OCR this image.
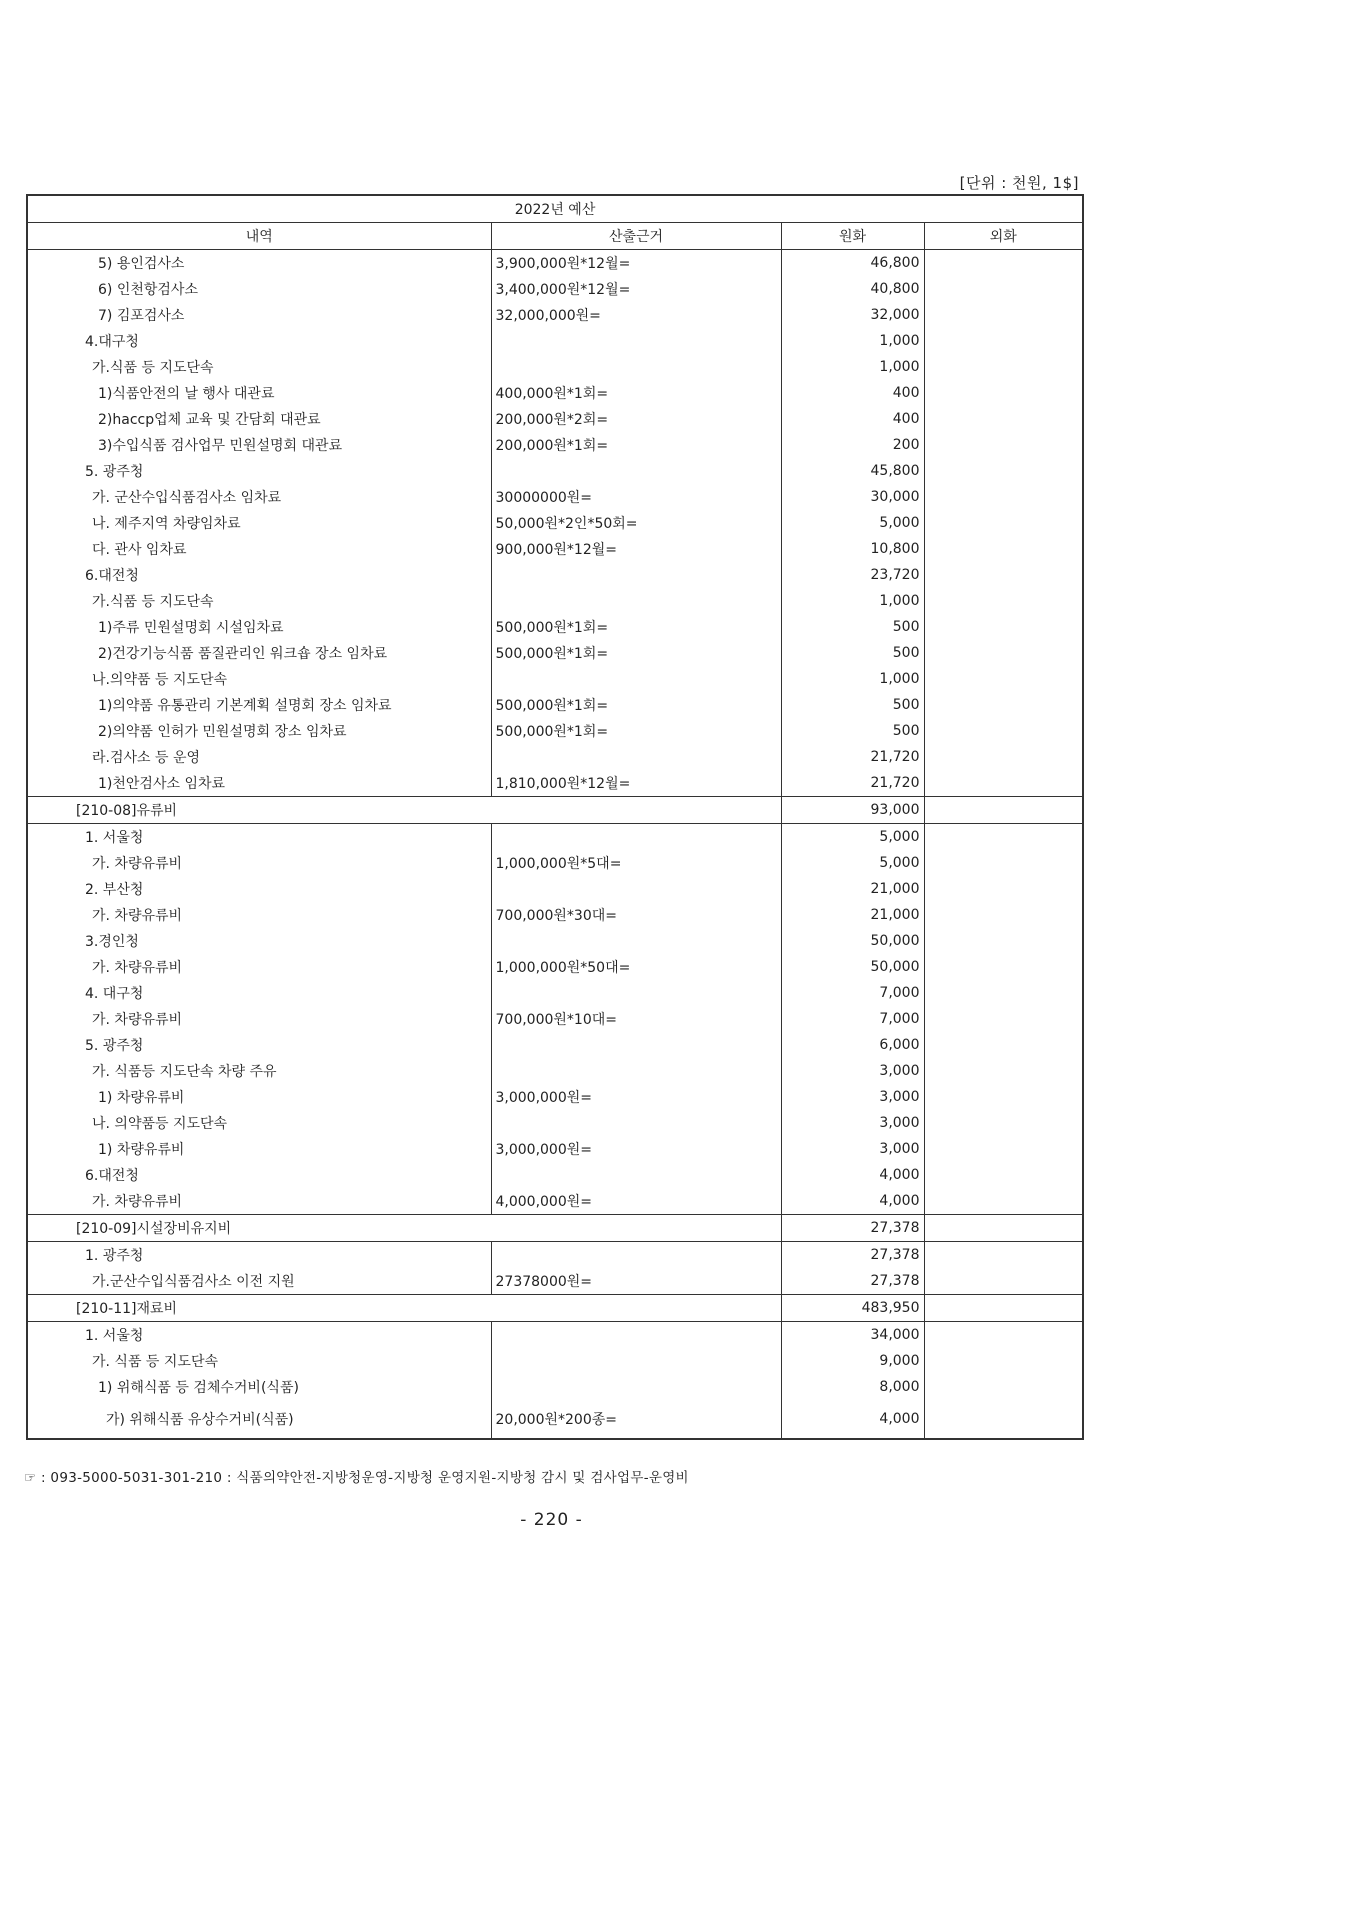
[단위 : 천원, 1$]
2022년 예산			
내역	산출근거	원화	외화
5) 용인검사소	3,900,000원*12월=	46,800	
6) 인천항검사소	3,400,000원*12월=	40,800	
7) 김포검사소	32,000,000원=	32,000	
4.대구청		1,000	
가.식품 등 지도단속		1,000	
1)식품안전의 날 행사 대관료	400,000원*1회=	400	
2)haccp업체 교육 및 간담회 대관료	200,000원*2회=	400	
3)수입식품 검사업무 민원설명회 대관료	200,000원*1회=	200	
5. 광주청		45,800	
가. 군산수입식품검사소 임차료	30000000원=	30,000	
나. 제주지역 차량임차료	50,000원*2인*50회=	5,000	
다. 관사 임차료	900,000원*12월=	10,800	
6.대전청		23,720	
가.식품 등 지도단속		1,000	
1)주류 민원설명회 시설임차료	500,000원*1회=	500	
2)건강기능식품 품질관리인 워크숍 장소 임차료	500,000원*1회=	500	
나.의약품 등 지도단속		1,000	
1)의약품 유통관리 기본계획 설명회 장소 임차료	500,000원*1회=	500	
2)의약품 인허가 민원설명회 장소 임차료	500,000원*1회=	500	
라.검사소 등 운영		21,720	
1)천안검사소 임차료	1,810,000원*12월=	21,720	
[210-08]유류비		93,000	
1. 서울청		5,000	
가. 차량유류비	1,000,000원*5대=	5,000	
2. 부산청		21,000	
가. 차량유류비	700,000원*30대=	21,000	
3.경인청		50,000	
가. 차량유류비	1,000,000원*50대=	50,000	
4. 대구청		7,000	
가. 차량유류비	700,000원*10대=	7,000	
5. 광주청		6,000	
가. 식품등 지도단속 차량 주유		3,000	
1) 차량유류비	3,000,000원=	3,000	
나. 의약품등 지도단속		3,000	
1) 차량유류비	3,000,000원=	3,000	
6.대전청		4,000	
가. 차량유류비	4,000,000원=	4,000	
[210-09]시설장비유지비		27,378	
1. 광주청		27,378	
가.군산수입식품검사소 이전 지원	27378000원=	27,378	
[210-11]재료비		483,950	
1. 서울청		34,000	
가. 식품 등 지도단속		9,000	
1) 위해식품 등 검체수거비(식품)		8,000	
가) 위해식품 유상수거비(식품)	20,000원*200종=	4,000	
☞ : 093-5000-5031-301-210 : 식품의약안전-지방청운영-지방청 운영지원-지방청 감시 및 검사업무-운영비
- 220 -
